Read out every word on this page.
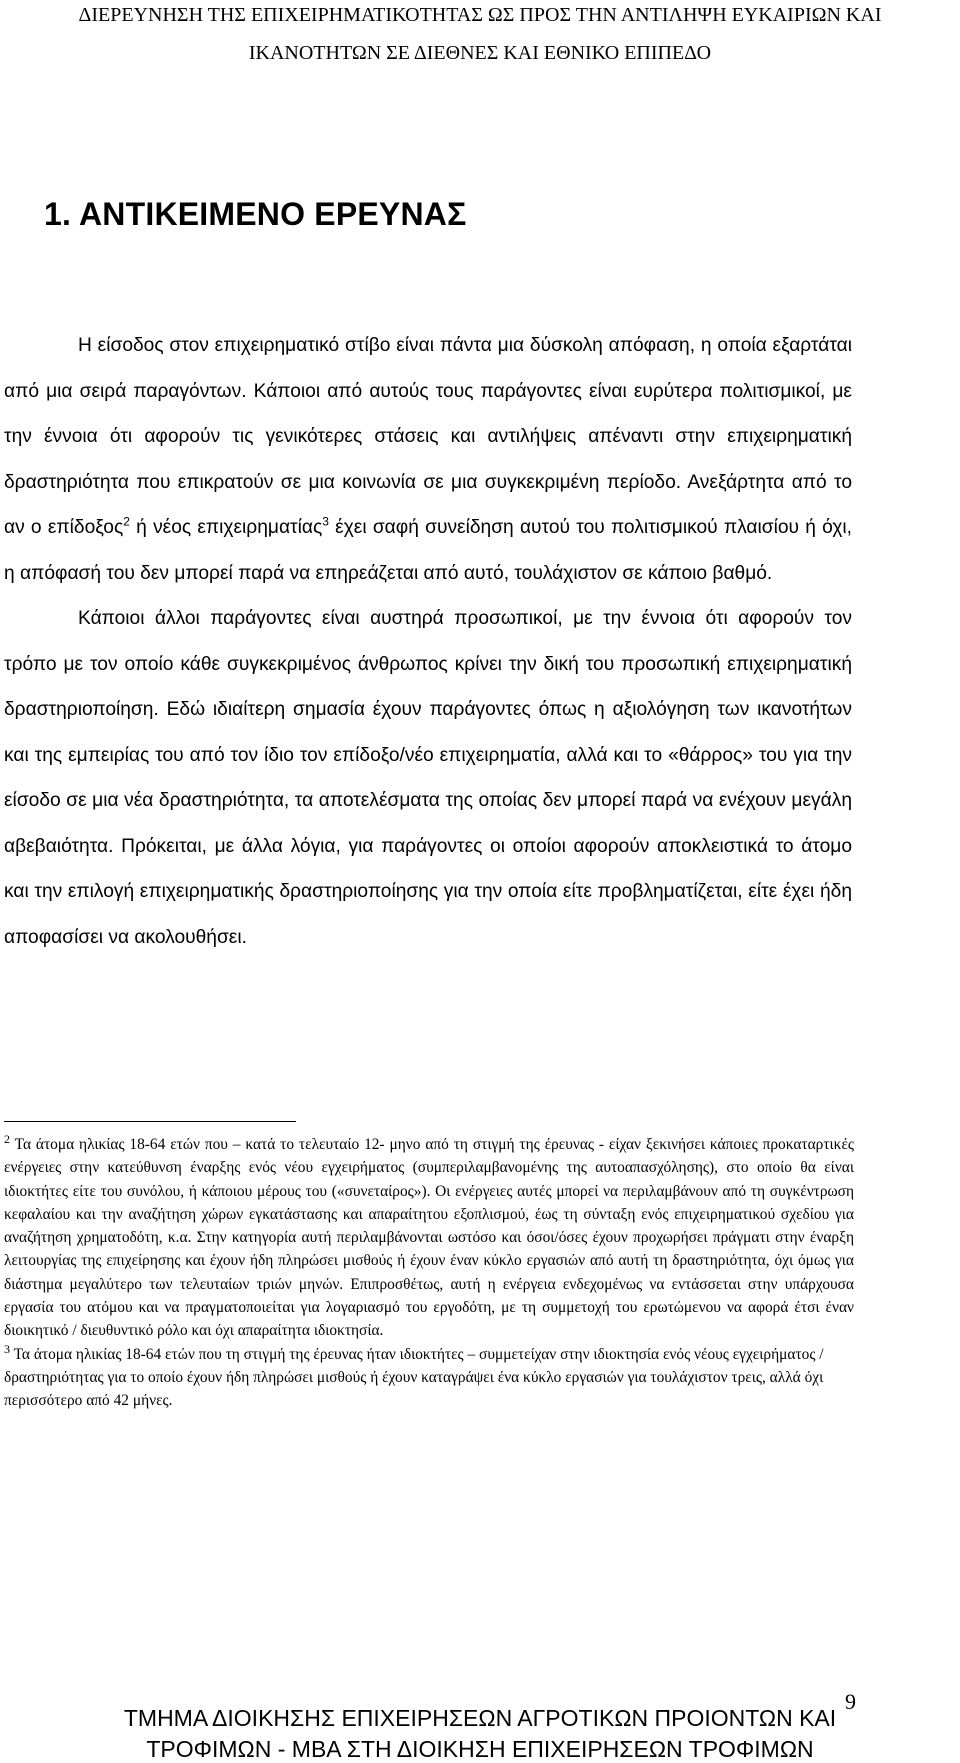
ΔΙΕΡΕΥΝΗΣΗ ΤΗΣ ΕΠΙΧΕΙΡΗΜΑΤΙΚΟΤΗΤΑΣ ΩΣ ΠΡΟΣ ΤΗΝ ΑΝΤΙΛΗΨΗ ΕΥΚΑΙΡΙΩΝ ΚΑΙ
ΙΚΑΝΟΤΗΤΩΝ ΣΕ ΔΙΕΘΝΕΣ ΚΑΙ ΕΘΝΙΚΟ ΕΠΙΠΕΔΟ
1. ΑΝΤΙΚΕΙΜΕΝΟ ΕΡΕΥΝΑΣ

Η είσοδος στον επιχειρηματικό στίβο είναι πάντα μια δύσκολη απόφαση, η οποία εξαρτάται από μια σειρά παραγόντων. Κάποιοι από αυτούς τους παράγοντες είναι ευρύτερα πολιτισμικοί, με την έννοια ότι αφορούν τις γενικότερες στάσεις και αντιλήψεις απέναντι στην επιχειρηματική δραστηριότητα που επικρατούν σε μια κοινωνία σε μια συγκεκριμένη περίοδο. Ανεξάρτητα από το αν ο επίδοξος$^2$ ή νέος επιχειρηματίας$^3$ έχει σαφή συνείδηση αυτού του πολιτισμικού πλαισίου ή όχι, η απόφασή του δεν μπορεί παρά να επηρεάζεται από αυτό, τουλάχιστον σε κάποιο βαθμό.

Κάποιοι άλλοι παράγοντες είναι αυστηρά προσωπικοί, με την έννοια ότι αφορούν τον τρόπο με τον οποίο κάθε συγκεκριμένος άνθρωπος κρίνει την δική του προσωπική επιχειρηματική δραστηριοποίηση. Εδώ ιδιαίτερη σημασία έχουν παράγοντες όπως η αξιολόγηση των ικανοτήτων και της εμπειρίας του από τον ίδιο τον επίδοξο/νέο επιχειρηματία, αλλά και το «θάρρος» του για την είσοδο σε μια νέα δραστηριότητα, τα αποτελέσματα της οποίας δεν μπορεί παρά να ενέχουν μεγάλη αβεβαιότητα. Πρόκειται, με άλλα λόγια, για παράγοντες οι οποίοι αφορούν αποκλειστικά το άτομο και την επιλογή επιχειρηματικής δραστηριοποίησης για την οποία είτε προβληματίζεται, είτε έχει ήδη αποφασίσει να ακολουθήσει.

$^2$ Τα άτομα ηλικίας 18-64 ετών που – κατά το τελευταίο 12- μηνο από τη στιγμή της έρευνας - είχαν ξεκινήσει κάποιες προκαταρτικές ενέργειες στην κατεύθυνση έναρξης ενός νέου εγχειρήματος (συμπεριλαμβανομένης της αυτοαπασχόλησης), στο οποίο θα είναι ιδιοκτήτες είτε του συνόλου, ή κάποιου μέρους του («συνεταίρος»). Οι ενέργειες αυτές μπορεί να περιλαμβάνουν από τη συγκέντρωση κεφαλαίου και την αναζήτηση χώρων εγκατάστασης και απαραίτητου εξοπλισμού, έως τη σύνταξη ενός επιχειρηματικού σχεδίου για αναζήτηση χρηματοδότη, κ.α. Στην κατηγορία αυτή περιλαμβάνονται ωστόσο και όσοι/όσες έχουν προχωρήσει πράγματι στην έναρξη λειτουργίας της επιχείρησης και έχουν ήδη πληρώσει μισθούς ή έχουν έναν κύκλο εργασιών από αυτή τη δραστηριότητα, όχι όμως για διάστημα μεγαλύτερο των τελευταίων τριών μηνών. Επιπροσθέτως, αυτή η ενέργεια ενδεχομένως να εντάσσεται στην υπάρχουσα εργασία του ατόμου και να πραγματοποιείται για λογαριασμό του εργοδότη, με τη συμμετοχή του ερωτώμενου να αφορά έτσι έναν διοικητικό / διευθυντικό ρόλο και όχι απαραίτητα ιδιοκτησία.

$^3$ Τα άτομα ηλικίας 18-64 ετών που τη στιγμή της έρευνας ήταν ιδιοκτήτες – συμμετείχαν στην ιδιοκτησία ενός νέους εγχειρήματος / δραστηριότητας για το οποίο έχουν ήδη πληρώσει μισθούς ή έχουν καταγράψει ένα κύκλο εργασιών για τουλάχιστον τρεις, αλλά όχι περισσότερο από 42 μήνες.

9
ΤΜΗΜΑ ΔΙΟΙΚΗΣΗΣ ΕΠΙΧΕΙΡΗΣΕΩΝ ΑΓΡΟΤΙΚΩΝ ΠΡΟΙΟΝΤΩΝ ΚΑΙ
ΤΡΟΦΙΜΩΝ - MBA ΣΤΗ ΔΙΟΙΚΗΣΗ ΕΠΙΧΕΙΡΗΣΕΩΝ ΤΡΟΦΙΜΩΝ
